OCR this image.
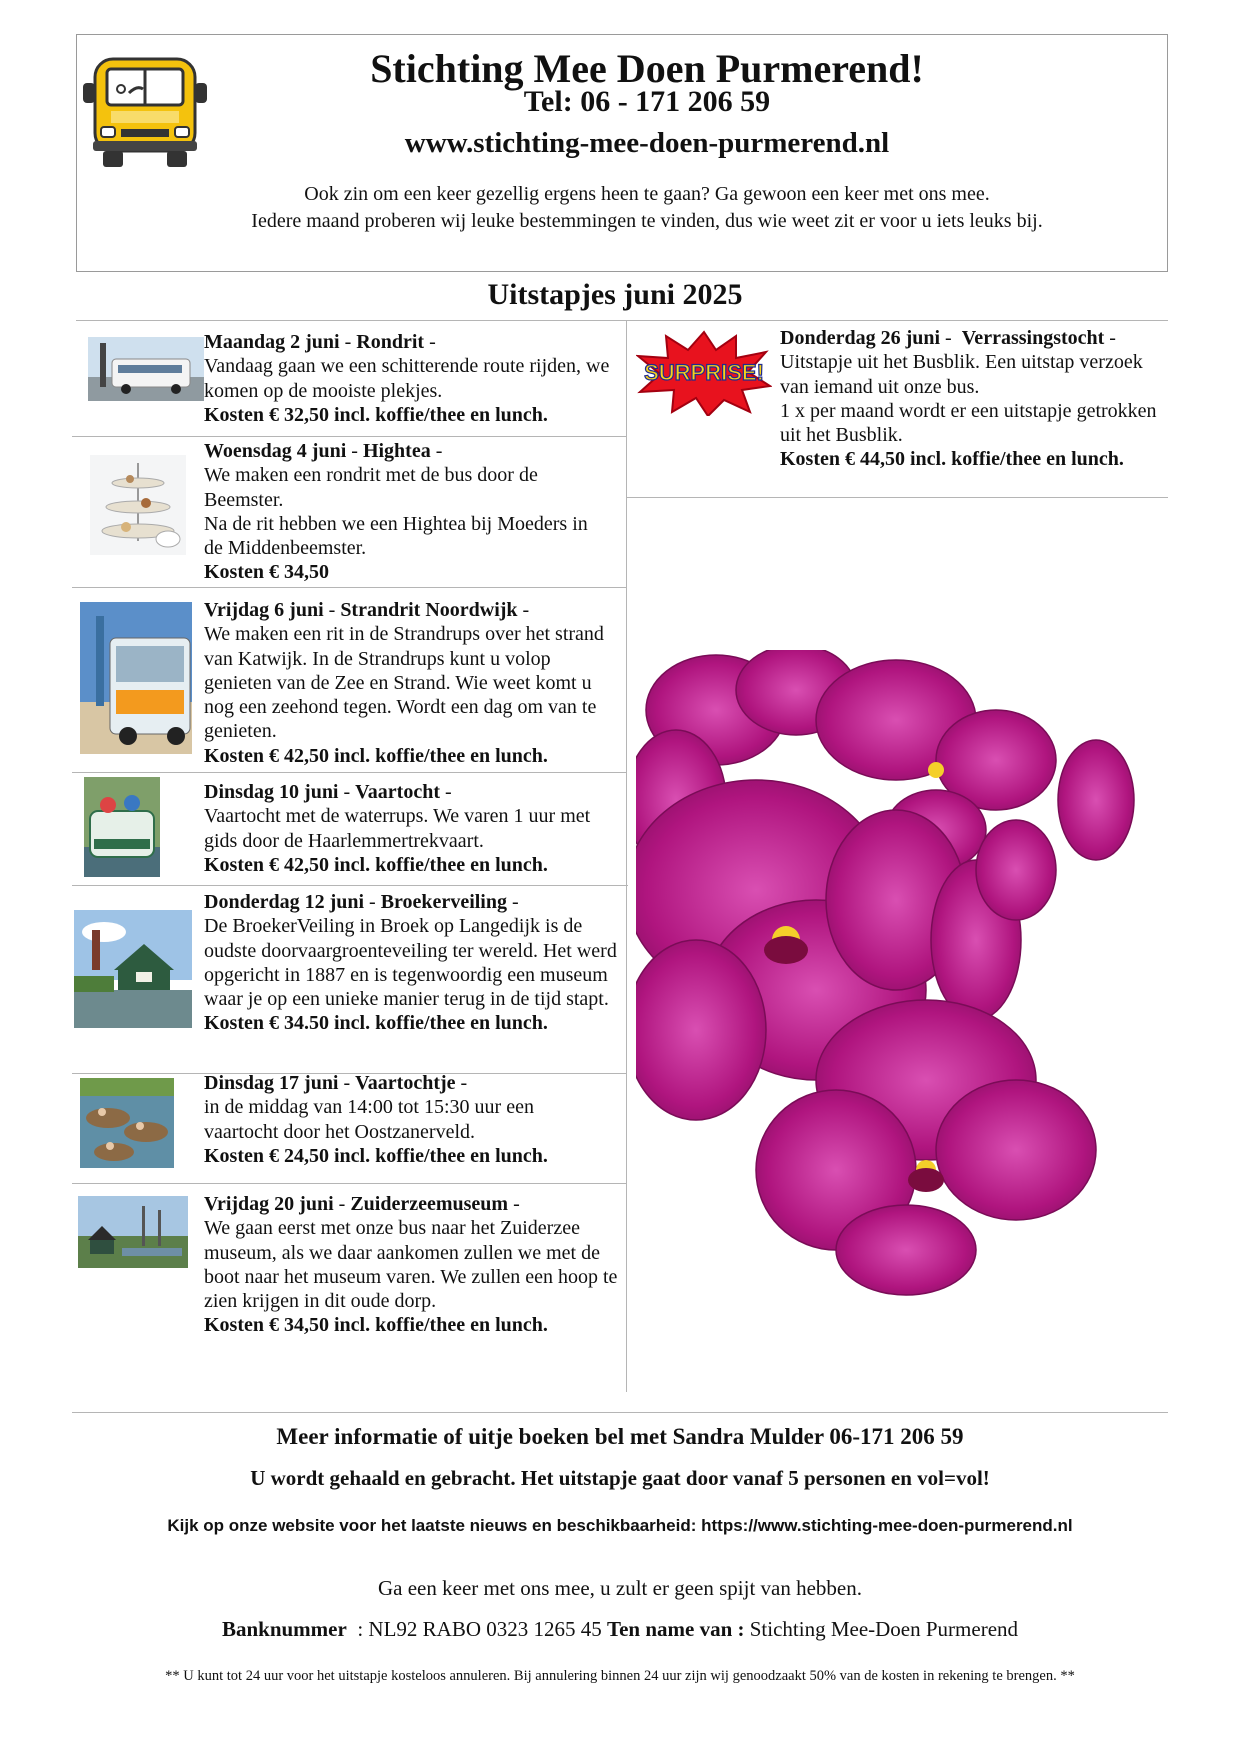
Stichting Mee Doen Purmerend!
Tel: 06 - 171 206 59
www.stichting-mee-doen-purmerend.nl
Ook zin om een keer gezellig ergens heen te gaan? Ga gewoon een keer met ons mee.
Iedere maand proberen wij leuke bestemmingen te vinden, dus wie weet zit er voor u iets leuks bij.
Uitstapjes juni 2025
Maandag 2 juni - Rondrit -
Vandaag gaan we een schitterende route rijden, we komen op de mooiste plekjes.
Kosten € 32,50 incl. koffie/thee en lunch.
Woensdag 4 juni - Hightea -
We maken een rondrit met de bus door de Beemster.
Na de rit hebben we een Hightea bij Moeders in de Middenbeemster.
Kosten € 34,50
Vrijdag 6 juni - Strandrit Noordwijk -
We maken een rit in de Strandrups over het strand van Katwijk. In de Strandrups kunt u volop genieten van de Zee en Strand. Wie weet komt u nog een zeehond tegen. Wordt een dag om van te genieten.
Kosten € 42,50 incl. koffie/thee en lunch.
Dinsdag 10 juni - Vaartocht -
Vaartocht met de waterrups. We varen 1 uur met gids door de Haarlemmertrekvaart.
Kosten € 42,50 incl. koffie/thee en lunch.
Donderdag 12 juni - Broekerveiling -
De BroekerVeiling in Broek op Langedijk is de oudste doorvaargroenteveiling ter wereld. Het werd opgericht in 1887 en is tegenwoordig een museum waar je op een unieke manier terug in de tijd stapt.
Kosten € 34.50 incl. koffie/thee en lunch.
Dinsdag 17 juni - Vaartochtje -
in de middag van 14:00 tot 15:30 uur een vaartocht door het Oostzanerveld.
Kosten € 24,50 incl. koffie/thee en lunch.
Vrijdag 20 juni - Zuiderzeemuseum -
We gaan eerst met onze bus naar het Zuiderzee museum, als we daar aankomen zullen we met de boot naar het museum varen. We zullen een hoop te zien krijgen in dit oude dorp.
Kosten € 34,50 incl. koffie/thee en lunch.
SURPRISE!
Donderdag 26 juni -  Verrassingstocht -
Uitstapje uit het Busblik. Een uitstap verzoek van iemand uit onze bus.
1 x per maand wordt er een uitstapje getrokken uit het Busblik.
Kosten € 44,50 incl. koffie/thee en lunch.
Meer informatie of uitje boeken bel met Sandra Mulder 06-171 206 59
U wordt gehaald en gebracht. Het uitstapje gaat door vanaf 5 personen en vol=vol!
Kijk op onze website voor het laatste nieuws en beschikbaarheid: https://www.stichting-mee-doen-purmerend.nl
Ga een keer met ons mee, u zult er geen spijt van hebben.
Banknummer : NL92 RABO 0323 1265 45 Ten name van : Stichting Mee-Doen Purmerend
** U kunt tot 24 uur voor het uitstapje kosteloos annuleren. Bij annulering binnen 24 uur zijn wij genoodzaakt 50% van de kosten in rekening te brengen. **
